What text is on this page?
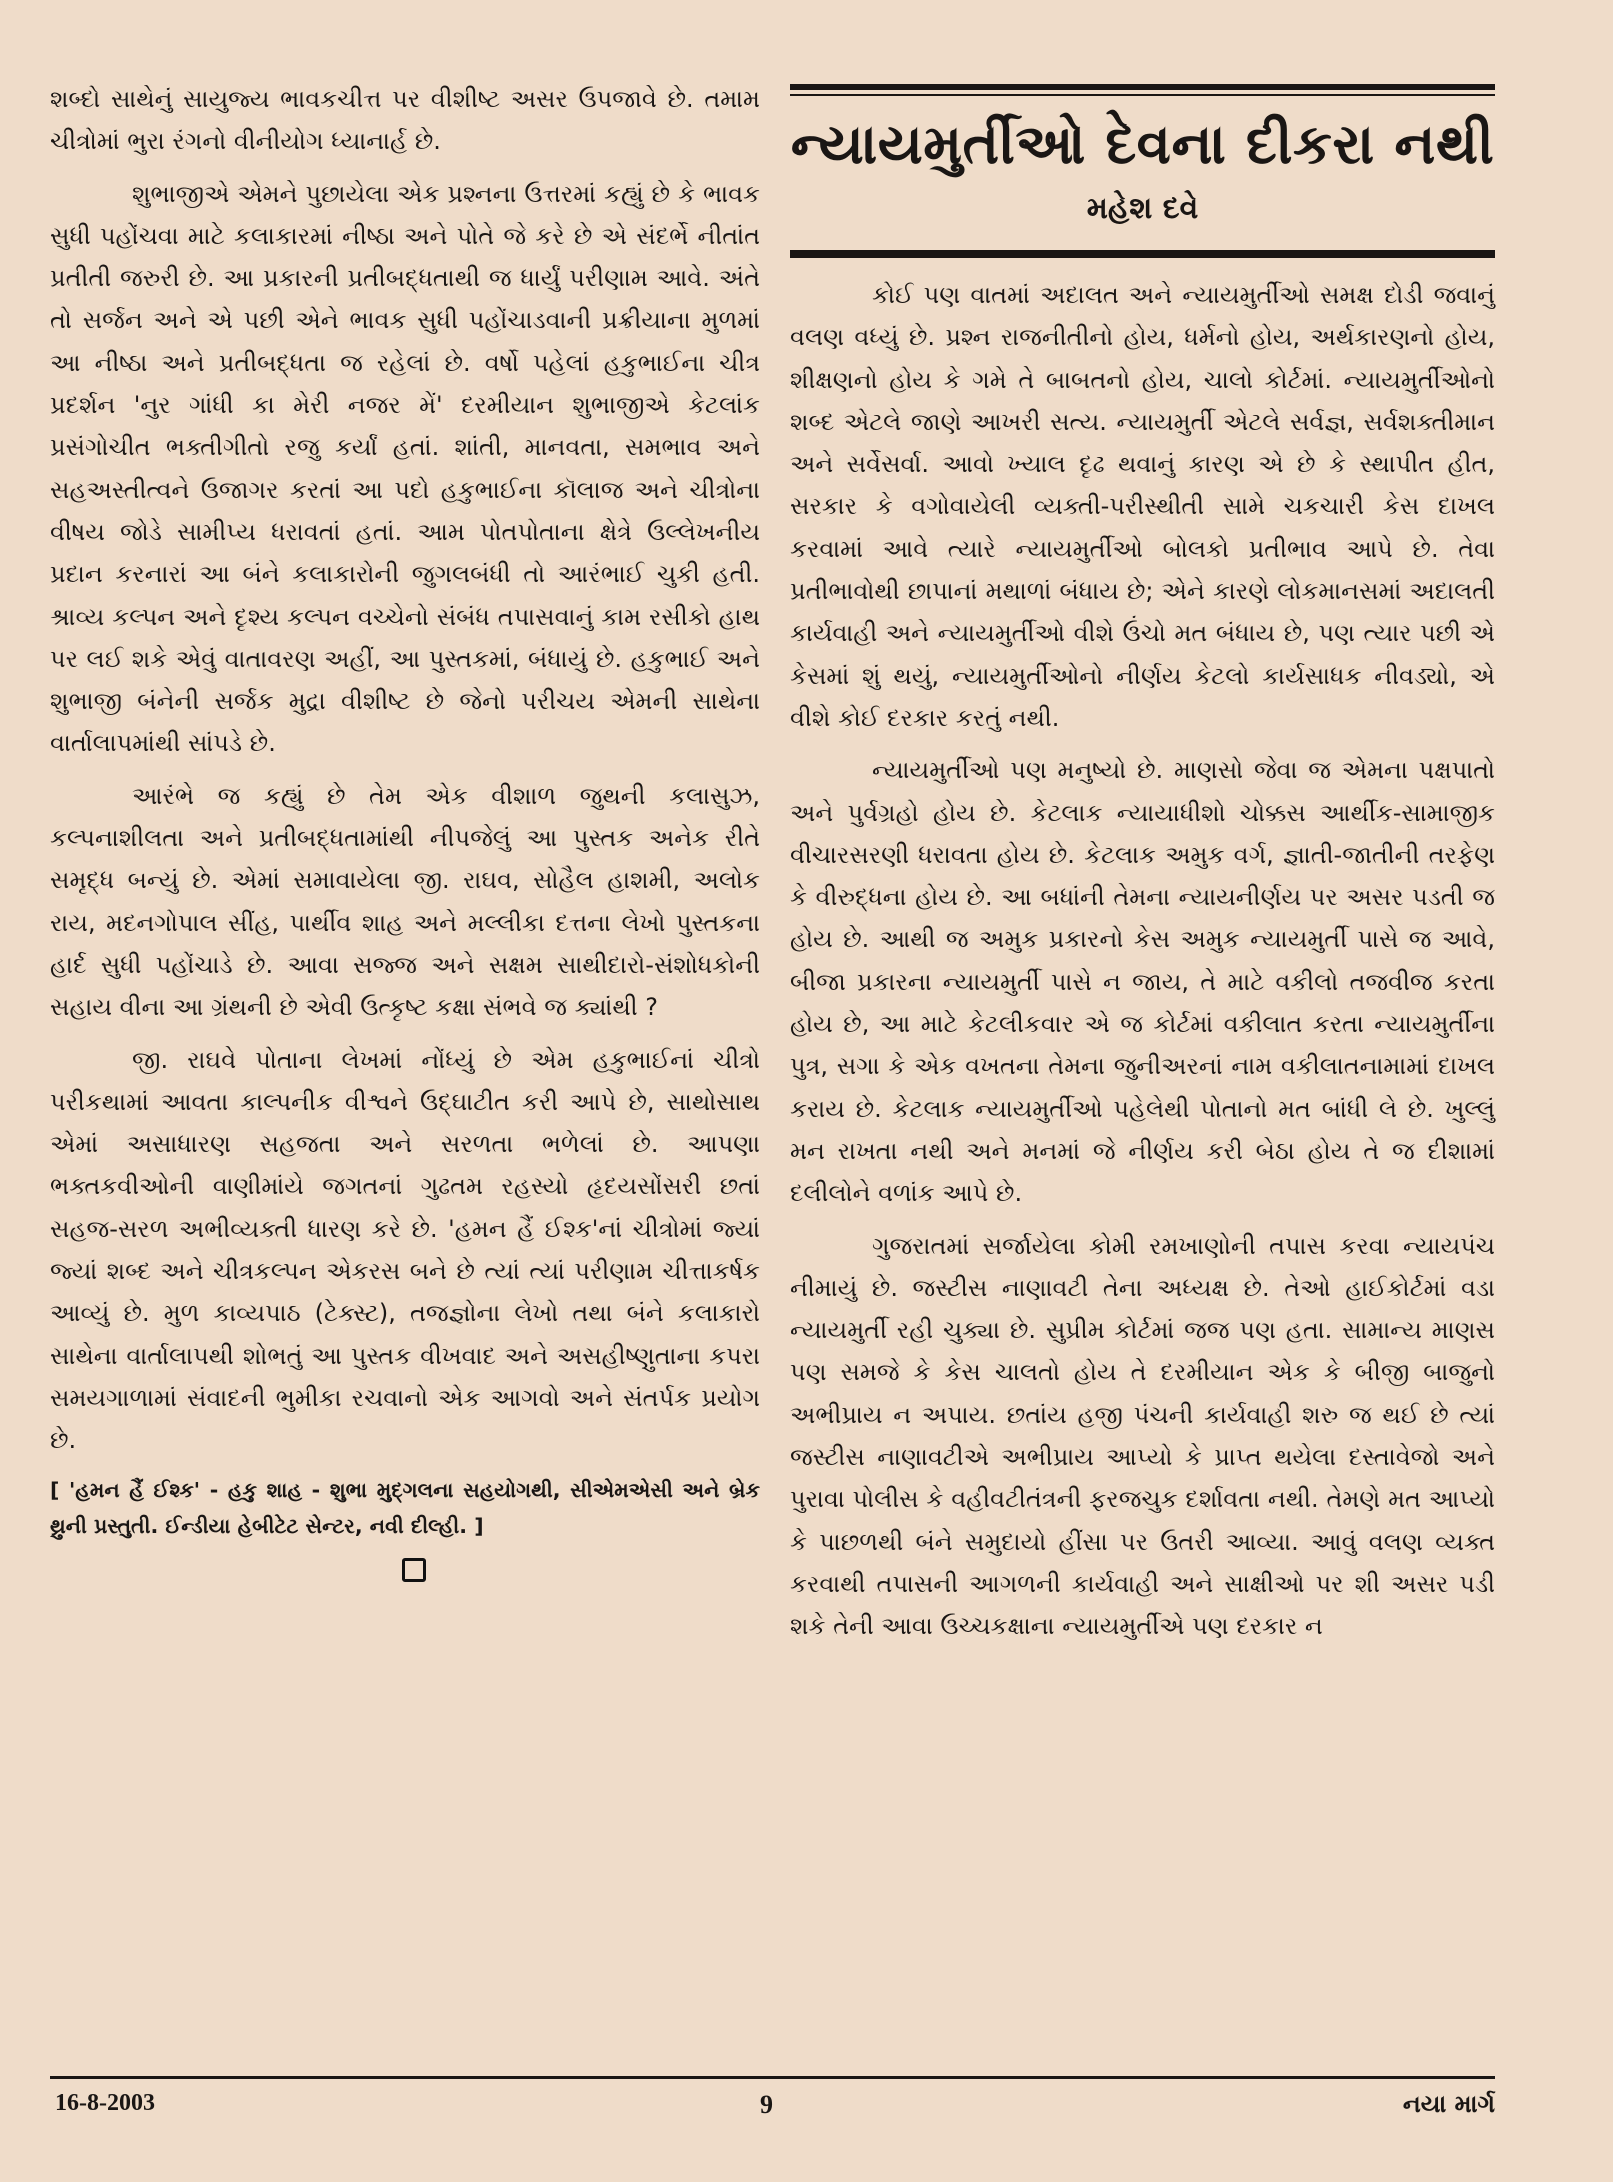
શબ્દો સાથેનું સાયુજ્ય ભાવકચીત્ત પર વીશીષ્ટ અસર ઉપજાવે છે. તમામ ચીત્રોમાં ભુરા રંગનો વીનીયોગ ધ્યાનાર્હ છે.

શુભાજીએ એમને પુછાયેલા એક પ્રશ્નના ઉત્તરમાં કહ્યું છે કે ભાવક સુધી પહોંચવા માટે કલાકારમાં નીષ્ઠા અને પોતે જે કરે છે એ સંદર્ભે નીતાંત પ્રતીતી જરુરી છે. આ પ્રકારની પ્રતીબદ્ધતાથી જ ધાર્યું પરીણામ આવે. અંતે તો સર્જન અને એ પછી એને ભાવક સુધી પહોંચાડવાની પ્રક્રીયાના મુળમાં આ નીષ્ઠા અને પ્રતીબદ્ધતા જ રહેલાં છે. વર્ષો પહેલાં હકુભાઈના ચીત્ર પ્રદર્શન 'નુર ગાંધી કા મેરી નજર મેં' દરમીયાન શુભાજીએ કેટલાંક પ્રસંગોચીત ભક્તીગીતો રજુ કર્યાં હતાં. શાંતી, માનવતા, સમભાવ અને સહઅસ્તીત્વને ઉજાગર કરતાં આ પદો હકુભાઈના કૉલાજ અને ચીત્રોના વીષય જોડે સામીપ્ય ધરાવતાં હતાં. આમ પોતપોતાના ક્ષેત્રે ઉલ્લેખનીય પ્રદાન કરનારાં આ બંને કલાકારોની જુગલબંધી તો આરંભાઈ ચુકી હતી. શ્રાવ્ય કલ્પન અને દૃશ્ય કલ્પન વચ્ચેનો સંબંધ તપાસવાનું કામ રસીકો હાથ પર લઈ શકે એવું વાતાવરણ અહીં, આ પુસ્તકમાં, બંધાયું છે. હકુભાઈ અને શુભાજી બંનેની સર્જક મુદ્રા વીશીષ્ટ છે જેનો પરીચય એમની સાથેના વાર્તાલાપમાંથી સાંપડે છે.

આરંભે જ કહ્યું છે તેમ એક વીશાળ જુથની કલાસુઝ, કલ્પનાશીલતા અને પ્રતીબદ્ધતામાંથી નીપજેલું આ પુસ્તક અનેક રીતે સમૃદ્ધ બન્યું છે. એમાં સમાવાયેલા જી. રાઘવ, સોહૈલ હાશમી, અલોક રાય, મદનગોપાલ સીંહ, પાર્થીવ શાહ અને મલ્લીકા દત્તના લેખો પુસ્તકના હાર્દ સુધી પહોંચાડે છે. આવા સજ્જ અને સક્ષમ સાથીદારો-સંશોધકોની સહાય વીના આ ગ્રંથની છે એવી ઉત્કૃષ્ટ કક્ષા સંભવે જ ક્યાંથી ?

જી. રાઘવે પોતાના લેખમાં નોંધ્યું છે એમ હકુભાઈનાં ચીત્રો પરીકથામાં આવતા કાલ્પનીક વીશ્વને ઉદ્ઘાટીત કરી આપે છે, સાથોસાથ એમાં અસાધારણ સહજતા અને સરળતા ભળેલાં છે. આપણા ભક્તકવીઓની વાણીમાંયે જગતનાં ગુઢતમ રહસ્યો હૃદયસોંસરી છતાં સહજ-સરળ અભીવ્યક્તી ધારણ કરે છે. 'હમન હૈં ઈશ્ક'નાં ચીત્રોમાં જ્યાં જ્યાં શબ્દ અને ચીત્રકલ્પન એકરસ બને છે ત્યાં ત્યાં પરીણામ ચીત્તાકર્ષક આવ્યું છે. મુળ કાવ્યપાઠ (ટેક્સ્ટ), તજજ્ઞોના લેખો તથા બંને કલાકારો સાથેના વાર્તાલાપથી શોભતું આ પુસ્તક વીખવાદ અને અસહીષ્ણુતાના કપરા સમયગાળામાં સંવાદની ભુમીકા રચવાનો એક આગવો અને સંતર્પક પ્રયોગ છે.

[ 'હમન હૈં ઈશ્ક' - હકુ શાહ - શુભા મુદ્ગલના સહયોગથી, સીએમએસી અને બ્રેક થ્રુની પ્રસ્તુતી. ઈન્ડીયા હેબીટેટ સેન્ટર, નવી દીલ્હી. ]

ન્યાયમુર્તીઓ દેવના દીકરા નથી
મહેશ દવે

કોઈ પણ વાતમાં અદાલત અને ન્યાયમુર્તીઓ સમક્ષ દોડી જવાનું વલણ વધ્યું છે. પ્રશ્ન રાજનીતીનો હોય, ધર્મનો હોય, અર્થકારણનો હોય, શીક્ષણનો હોય કે ગમે તે બાબતનો હોય, ચાલો કોર્ટમાં. ન્યાયમુર્તીઓનો શબ્દ એટલે જાણે આખરી સત્ય. ન્યાયમુર્તી એટલે સર્વજ્ઞ, સર્વશક્તીમાન અને સર્વેસર્વા. આવો ખ્યાલ દૃઢ થવાનું કારણ એ છે કે સ્થાપીત હીત, સરકાર કે વગોવાયેલી વ્યક્તી-પરીસ્થીતી સામે ચકચારી કેસ દાખલ કરવામાં આવે ત્યારે ન્યાયમુર્તીઓ બોલકો પ્રતીભાવ આપે છે. તેવા પ્રતીભાવોથી છાપાનાં મથાળાં બંધાય છે; એને કારણે લોકમાનસમાં અદાલતી કાર્યવાહી અને ન્યાયમુર્તીઓ વીશે ઉંચો મત બંધાય છે, પણ ત્યાર પછી એ કેસમાં શું થયું, ન્યાયમુર્તીઓનો નીર્ણય કેટલો કાર્યસાધક નીવડ્યો, એ વીશે કોઈ દરકાર કરતું નથી.

ન્યાયમુર્તીઓ પણ મનુષ્યો છે. માણસો જેવા જ એમના પક્ષપાતો અને પુર્વગ્રહો હોય છે. કેટલાક ન્યાયાધીશો ચોક્કસ આર્થીક-સામાજીક વીચારસરણી ધરાવતા હોય છે. કેટલાક અમુક વર્ગ, જ્ઞાતી-જાતીની તરફેણ કે વીરુદ્ધના હોય છે. આ બધાંની તેમના ન્યાયનીર્ણય પર અસર પડતી જ હોય છે. આથી જ અમુક પ્રકારનો કેસ અમુક ન્યાયમુર્તી પાસે જ આવે, બીજા પ્રકારના ન્યાયમુર્તી પાસે ન જાય, તે માટે વકીલો તજવીજ કરતા હોય છે, આ માટે કેટલીકવાર એ જ કોર્ટમાં વકીલાત કરતા ન્યાયમુર્તીના પુત્ર, સગા કે એક વખતના તેમના જુનીઅરનાં નામ વકીલાતનામામાં દાખલ કરાય છે. કેટલાક ન્યાયમુર્તીઓ પહેલેથી પોતાનો મત બાંધી લે છે. ખુલ્લું મન રાખતા નથી અને મનમાં જે નીર્ણય કરી બેઠા હોય તે જ દીશામાં દલીલોને વળાંક આપે છે.

ગુજરાતમાં સર્જાયેલા કોમી રમખાણોની તપાસ કરવા ન્યાયપંચ નીમાયું છે. જસ્ટીસ નાણાવટી તેના અધ્યક્ષ છે. તેઓ હાઈકોર્ટમાં વડા ન્યાયમુર્તી રહી ચુક્યા છે. સુપ્રીમ કોર્ટમાં જજ પણ હતા. સામાન્ય માણસ પણ સમજે કે કેસ ચાલતો હોય તે દરમીયાન એક કે બીજી બાજુનો અભીપ્રાય ન અપાય. છતાંય હજી પંચની કાર્યવાહી શરુ જ થઈ છે ત્યાં જસ્ટીસ નાણાવટીએ અભીપ્રાય આપ્યો કે પ્રાપ્ત થયેલા દસ્તાવેજો અને પુરાવા પોલીસ કે વહીવટીતંત્રની ફરજચુક દર્શાવતા નથી. તેમણે મત આપ્યો કે પાછળથી બંને સમુદાયો હીંસા પર ઉતરી આવ્યા. આવું વલણ વ્યક્ત કરવાથી તપાસની આગળની કાર્યવાહી અને સાક્ષીઓ પર શી અસર પડી શકે તેની આવા ઉચ્ચકક્ષાના ન્યાયમુર્તીએ પણ દરકાર ન

16-8-2003	9	નયા માર્ગ
